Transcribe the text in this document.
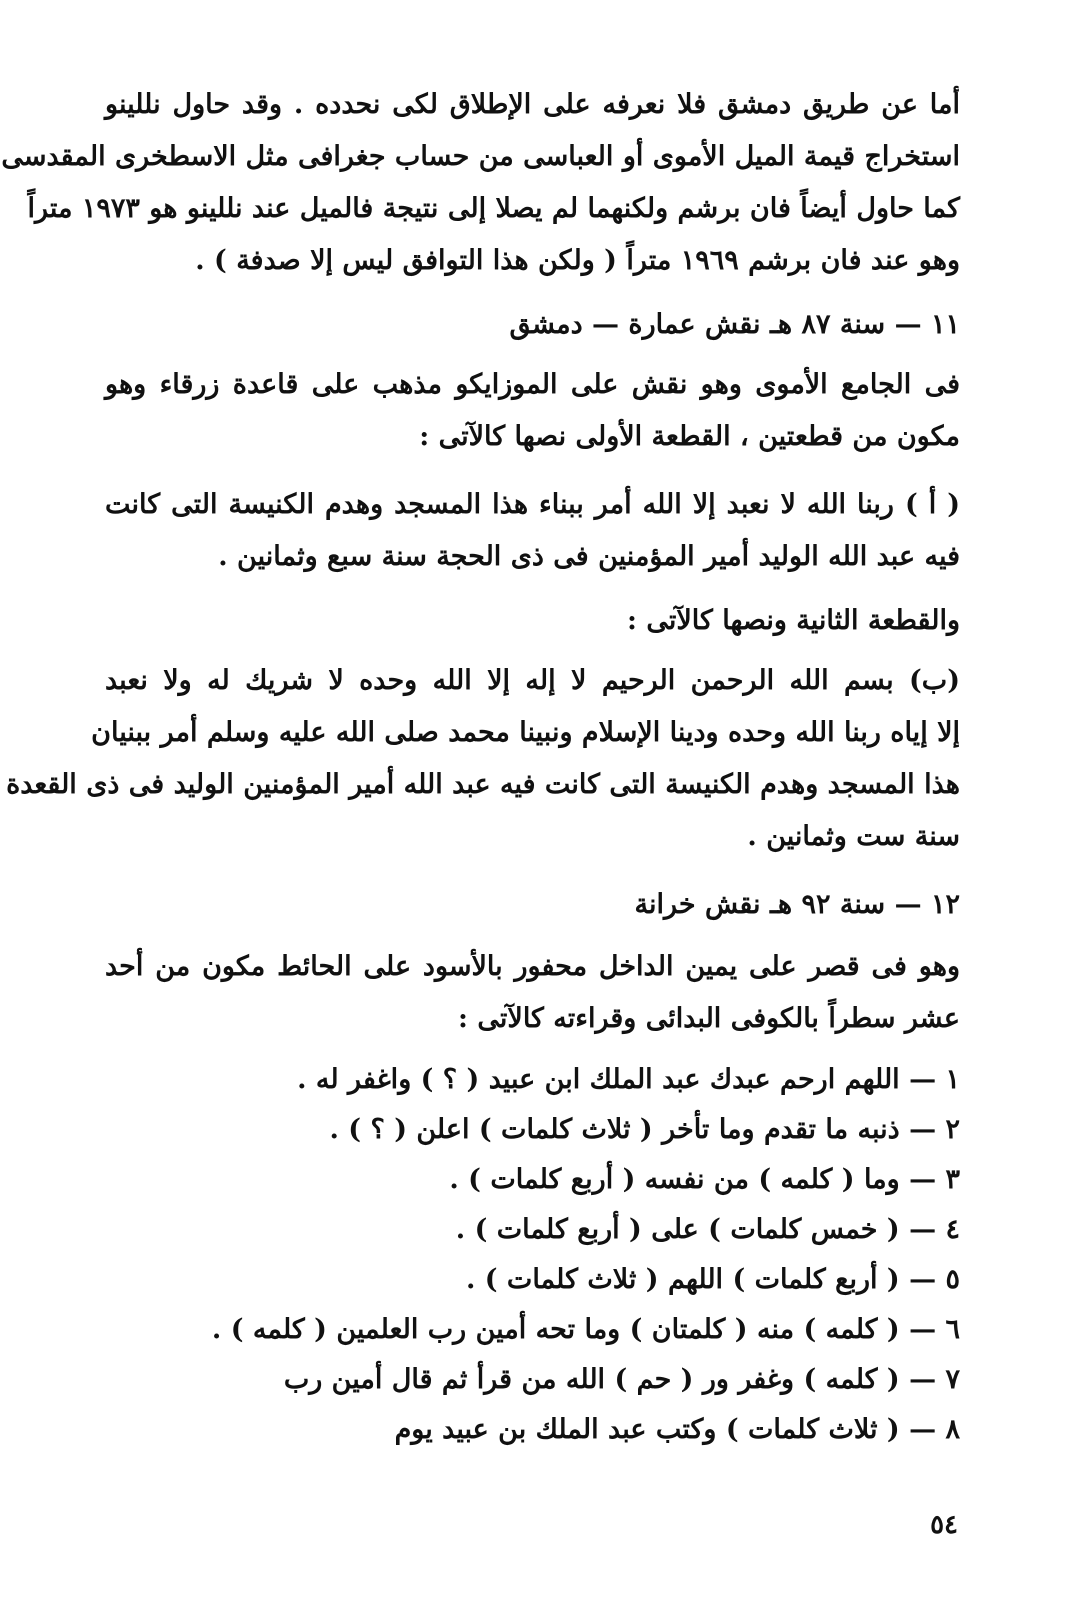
أما عن طريق دمشق فلا نعرفه على الإطلاق لكى نحدده . وقد حاول نللينو
استخراج قيمة الميل الأموى أو العباسى من حساب جغرافى مثل الاسطخرى المقدسى
كما حاول أيضاً فان برشم ولكنهما لم يصلا إلى نتيجة فالميل عند نللينو هو ١٩٧٣ متراً
وهو عند فان برشم ١٩٦٩ متراً ( ولكن هذا التوافق ليس إلا صدفة ) .
١١ — سنة ٨٧ هـ نقش عمارة — دمشق
فى الجامع الأموى وهو نقش على الموزايكو مذهب على قاعدة زرقاء وهو
مكون من قطعتين ، القطعة الأولى نصها كالآتى :
( أ ) ربنا الله لا نعبد إلا الله أمر ببناء هذا المسجد وهدم الكنيسة التى كانت
فيه عبد الله الوليد أمير المؤمنين فى ذى الحجة سنة سبع وثمانين .
والقطعة الثانية ونصها كالآتى :
(ب) بسم الله الرحمن الرحيم لا إله إلا الله وحده لا شريك له ولا نعبد
إلا إياه ربنا الله وحده ودينا الإسلام ونبينا محمد صلى الله عليه وسلم أمر ببنيان
هذا المسجد وهدم الكنيسة التى كانت فيه عبد الله أمير المؤمنين الوليد فى ذى القعدة
سنة ست وثمانين .
١٢ — سنة ٩٢ هـ نقش خرانة
وهو فى قصر على يمين الداخل محفور بالأسود على الحائط مكون من أحد
عشر سطراً بالكوفى البدائى وقراءته كالآتى :
١ — اللهم ارحم عبدك عبد الملك ابن عبيد ( ؟ ) واغفر له .
٢ — ذنبه ما تقدم وما تأخر ( ثلاث كلمات ) اعلن ( ؟ ) .
٣ — وما ( كلمه ) من نفسه ( أربع كلمات ) .
٤ — ( خمس كلمات ) على ( أربع كلمات ) .
٥ — ( أربع كلمات ) اللهم ( ثلاث كلمات ) .
٦ — ( كلمه ) منه ( كلمتان ) وما تحه أمين رب العلمين ( كلمه ) .
٧ — ( كلمه ) وغفر ور ( حم ) الله من قرأ ثم قال أمين رب
٨ — ( ثلاث كلمات ) وكتب عبد الملك بن عبيد يوم
٥٤
